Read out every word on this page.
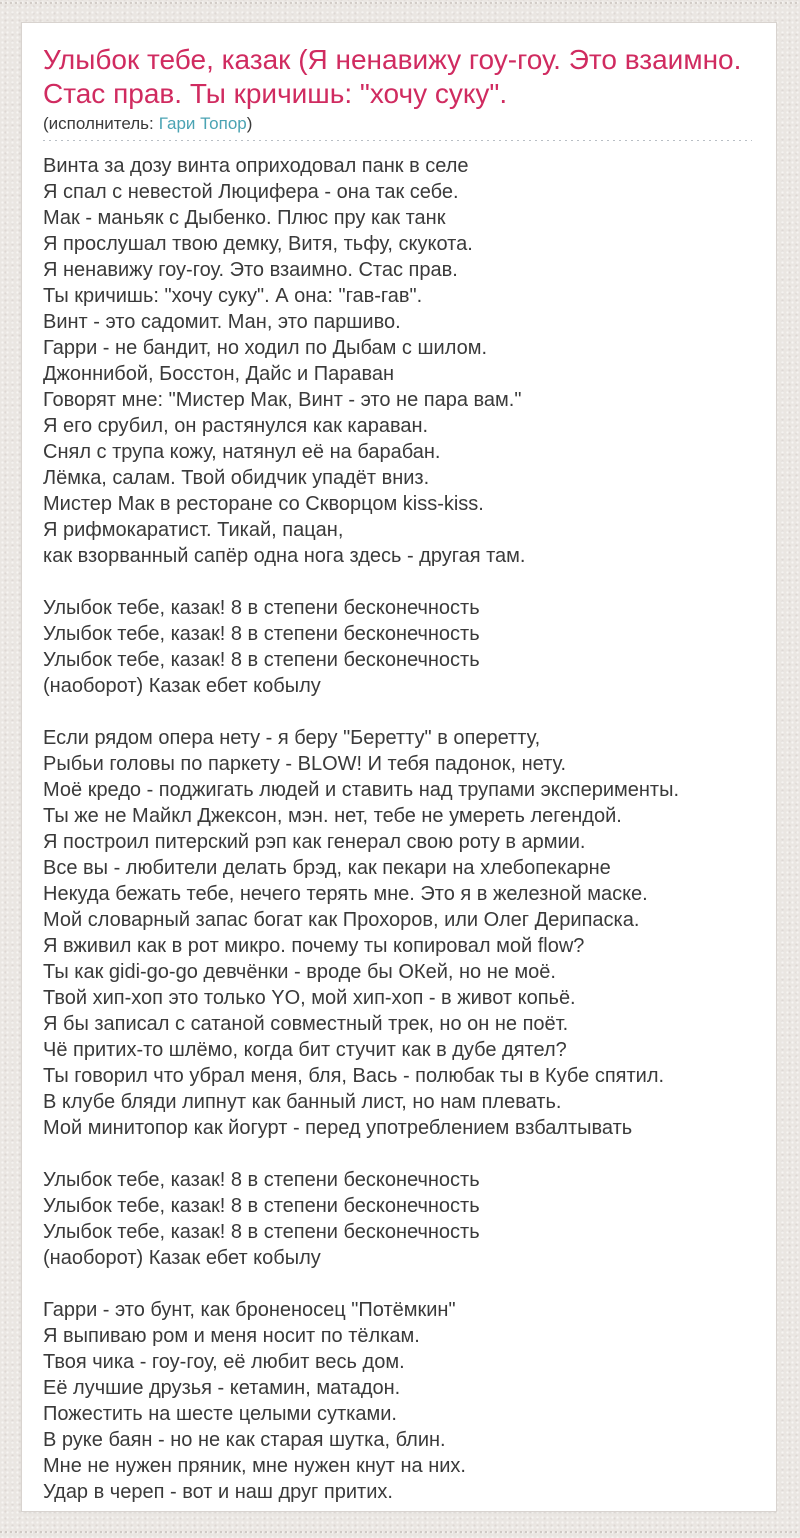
Улыбок тебе, казак (Я ненавижу гоу-гоу. Это взаимно. Стас прав. Ты кричишь: "хочу суку".
(исполнитель: Гари Топор)
Винта за дозу винта оприходовал панк в селе
Я спал с невестой Люцифера - она так себе.
Мак - маньяк с Дыбенко. Плюс пру как танк
Я прослушал твою демку, Витя, тьфу, скукота.
Я ненавижу гоу-гоу. Это взаимно. Стас прав.
Ты кричишь: "хочу суку". А она: "гав-гав".
Винт - это садомит. Ман, это паршиво.
Гарри - не бандит, но ходил по Дыбам с шилом.
Джоннибой, Босстон, Дайс и Параван
Говорят мне: "Мистер Мак, Винт - это не пара вам."
Я его срубил, он растянулся как караван.
Снял с трупа кожу, натянул её на барабан.
Лёмка, салам. Твой обидчик упадёт вниз.
Мистер Мак в ресторане со Скворцом kiss-kiss.
Я рифмокаратист. Тикай, пацан,
как взорванный сапёр одна нога здесь - другая там.
Улыбок тебе, казак! 8 в степени бесконечность
Улыбок тебе, казак! 8 в степени бесконечность
Улыбок тебе, казак! 8 в степени бесконечность
(наоборот) Казак ебет кобылу
Если рядом опера нету - я беру "Беретту" в оперетту,
Рыбьи головы по паркету - BLOW! И тебя падонок, нету.
Моё кредо - поджигать людей и ставить над трупами эксперименты.
Ты же не Майкл Джексон, мэн. нет, тебе не умереть легендой.
Я построил питерский рэп как генерал свою роту в армии.
Все вы - любители делать брэд, как пекари на хлебопекарне
Некуда бежать тебе, нечего терять мне. Это я в железной маске.
Мой словарный запас богат как Прохоров, или Олег Дерипаска.
Я вживил как в рот микро. почему ты копировал мой flow?
Ты как gidi-go-go девчёнки - вроде бы ОКей, но не моё.
Твой хип-хоп это только YO, мой хип-хоп - в живот копьё.
Я бы записал с сатаной совместный трек, но он не поёт.
Чё притих-то шлёмо, когда бит стучит как в дубе дятел?
Ты говорил что убрал меня, бля, Вась - полюбак ты в Кубе спятил.
В клубе бляди липнут как банный лист, но нам плевать.
Мой минитопор как йогурт - перед употреблением взбалтывать
Улыбок тебе, казак! 8 в степени бесконечность
Улыбок тебе, казак! 8 в степени бесконечность
Улыбок тебе, казак! 8 в степени бесконечность
(наоборот) Казак ебет кобылу
Гарри - это бунт, как броненосец "Потёмкин"
Я выпиваю ром и меня носит по тёлкам.
Твоя чика - гоу-гоу, её любит весь дом.
Её лучшие друзья - кетамин, матадон.
Пожестить на шесте целыми сутками.
В руке баян - но не как старая шутка, блин.
Мне не нужен пряник, мне нужен кнут на них.
Удар в череп - вот и наш друг притих.
